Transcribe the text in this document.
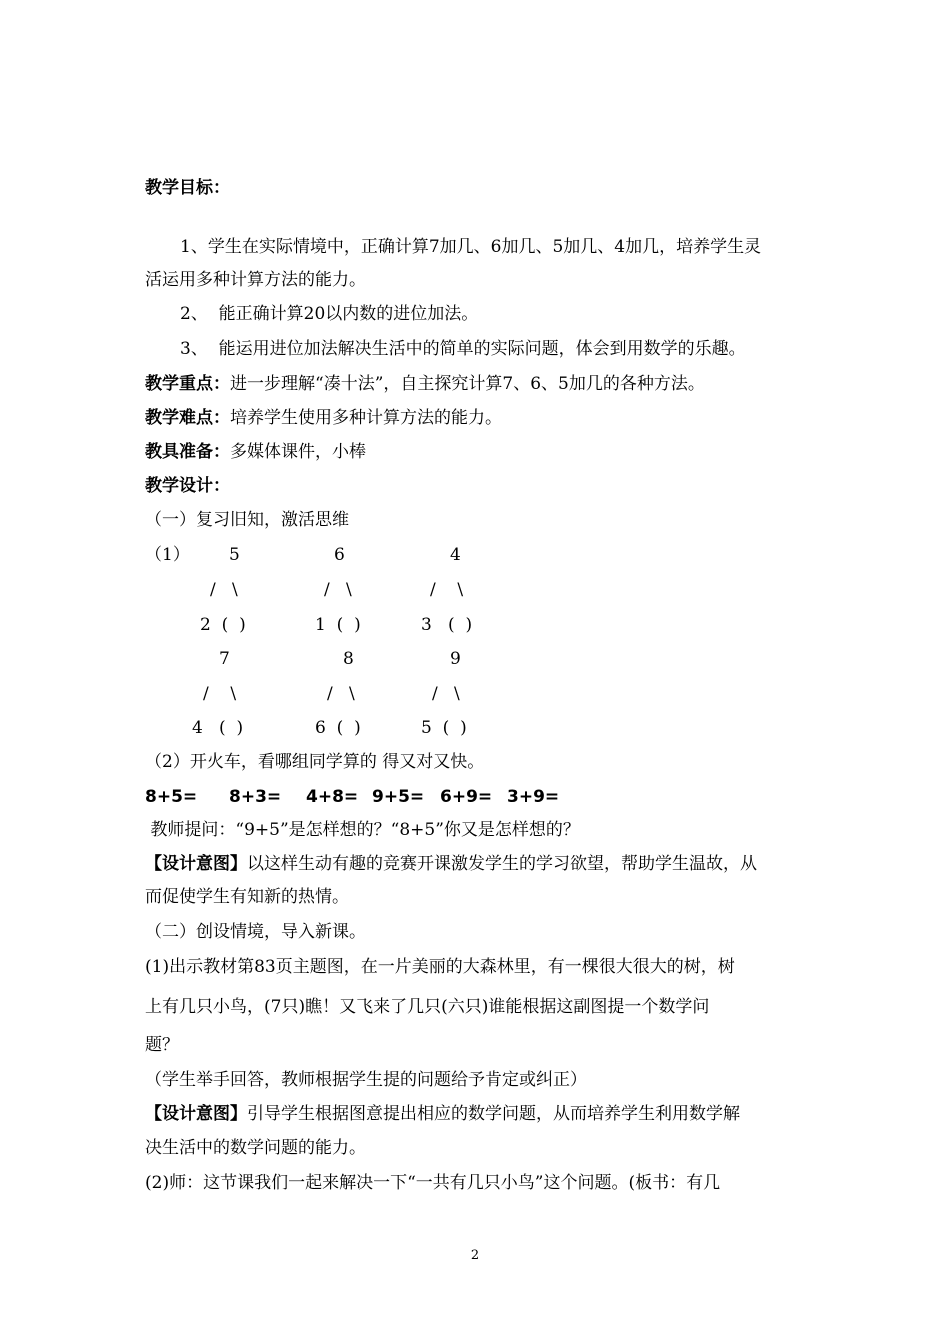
教学目标：
1、学生在实际情境中，正确计算7加几、6加几、5加几、4加几，培养学生灵
活运用多种计算方法的能力。
2、  能正确计算20以内数的进位加法。
3、  能运用进位加法解决生活中的简单的实际问题，体会到用数学的乐趣。
教学重点：进一步理解“凑十法”，自主探究计算7、6、5加几的各种方法。
教学难点：培养学生使用多种计算方法的能力。
教具准备：多媒体课件，小棒
教学设计：
（一）复习旧知，激活思维
（1） 5
/   \
2  (  )
6
/   \
1  (  )
4
/    \
3   (  )
7
/    \
4   (  )
8
/   \
6  (  )
9
/   \
5  (  )
（2）开火车，看哪组同学算的 得又对又快。
8+5= 8+3= 4+8= 9+5= 6+9= 3+9=
教师提问：“9+5”是怎样想的？“8+5”你又是怎样想的？
【设计意图】以这样生动有趣的竞赛开课激发学生的学习欲望，帮助学生温故，从
而促使学生有知新的热情。
（二）创设情境，导入新课。
(1)出示教材第83页主题图，在一片美丽的大森林里，有一棵很大很大的树，树
上有几只小鸟，(7只)瞧！又飞来了几只(六只)谁能根据这副图提一个数学问
题？
（学生举手回答，教师根据学生提的问题给予肯定或纠正）
【设计意图】引导学生根据图意提出相应的数学问题，从而培养学生利用数学解
决生活中的数学问题的能力。
(2)师：这节课我们一起来解决一下“一共有几只小鸟”这个问题。(板书：有几
2
